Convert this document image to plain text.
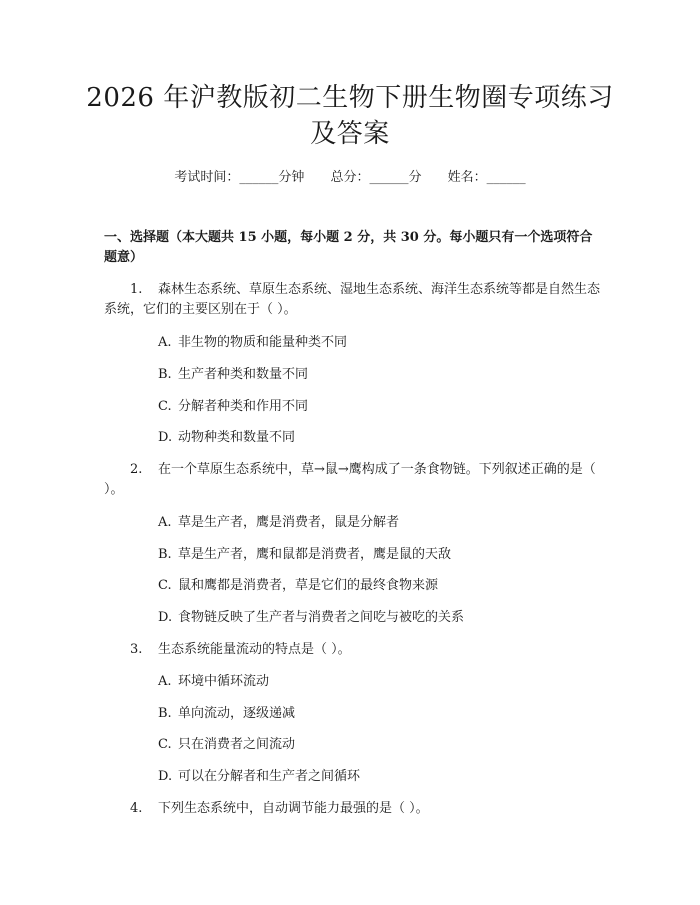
2026 年沪教版初二生物下册生物圈专项练习
及答案
考试时间：______分钟 总分：______分 姓名：______
一、选择题（本大题共 15 小题，每小题 2 分，共 30 分。每小题只有一个选项符合题意）
1. 森林生态系统、草原生态系统、湿地生态系统、海洋生态系统等都是自然生态系统，它们的主要区别在于（ ）。
A. 非生物的物质和能量种类不同
B. 生产者种类和数量不同
C. 分解者种类和作用不同
D. 动物种类和数量不同
2. 在一个草原生态系统中，草→鼠→鹰构成了一条食物链。下列叙述正确的是（ ）。
A. 草是生产者，鹰是消费者，鼠是分解者
B. 草是生产者，鹰和鼠都是消费者，鹰是鼠的天敌
C. 鼠和鹰都是消费者，草是它们的最终食物来源
D. 食物链反映了生产者与消费者之间吃与被吃的关系
3. 生态系统能量流动的特点是（ ）。
A. 环境中循环流动
B. 单向流动，逐级递减
C. 只在消费者之间流动
D. 可以在分解者和生产者之间循环
4. 下列生态系统中，自动调节能力最强的是（ ）。
